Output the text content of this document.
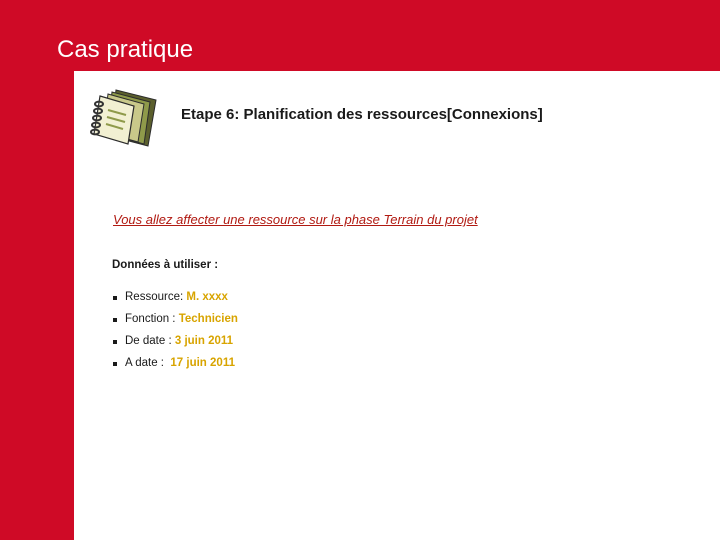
Cas pratique
Etape 6: Planification des ressources[Connexions]
Vous allez affecter une ressource sur la phase Terrain du projet
Données à utiliser :
Ressource: M. xxxx
Fonction : Technicien
De date : 3 juin 2011
A date : 17 juin 2011
